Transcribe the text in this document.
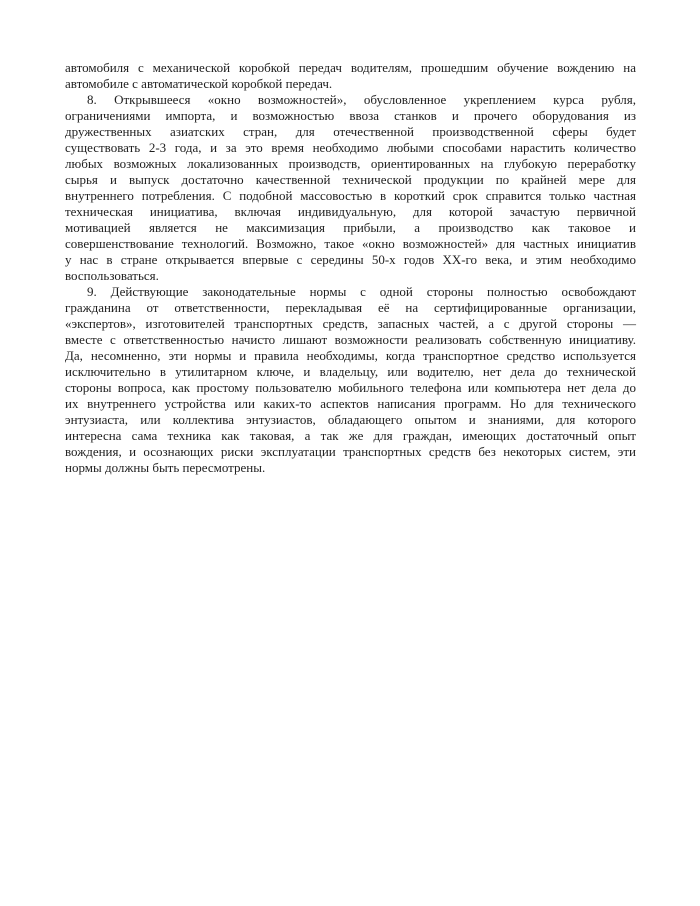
автомобиля с механической коробкой передач водителям, прошедшим обучение вождению на
автомобиле с автоматической коробкой передач.

8. Открывшееся «окно возможностей», обусловленное укреплением курса рубля,
ограничениями импорта, и возможностью ввоза станков и прочего оборудования из
дружественных азиатских стран, для отечественной производственной сферы будет
существовать 2-3 года, и за это время необходимо любыми способами нарастить количество
любых возможных локализованных производств, ориентированных на глубокую переработку
сырья и выпуск достаточно качественной технической продукции по крайней мере для
внутреннего потребления. С подобной массовостью в короткий срок справится только частная
техническая инициатива, включая индивидуальную, для которой зачастую первичной
мотивацией является не максимизация прибыли, а производство как таковое и
совершенствование технологий. Возможно, такое «окно возможностей» для частных инициатив
у нас в стране открывается впервые с середины 50-х годов ХХ-го века, и этим необходимо
воспользоваться.

9. Действующие законодательные нормы с одной стороны полностью освобождают
гражданина от ответственности, перекладывая её на сертифицированные организации,
«экспертов», изготовителей транспортных средств, запасных частей, а с другой стороны —
вместе с ответственностью начисто лишают возможности реализовать собственную инициативу.
Да, несомненно, эти нормы и правила необходимы, когда транспортное средство используется
исключительно в утилитарном ключе, и владельцу, или водителю, нет дела до технической
стороны вопроса, как простому пользователю мобильного телефона или компьютера нет дела до
их внутреннего устройства или каких-то аспектов написания программ. Но для технического
энтузиаста, или коллектива энтузиастов, обладающего опытом и знаниями, для которого
интересна сама техника как таковая, а так же для граждан, имеющих достаточный опыт
вождения, и осознающих риски эксплуатации транспортных средств без некоторых систем, эти
нормы должны быть пересмотрены.
